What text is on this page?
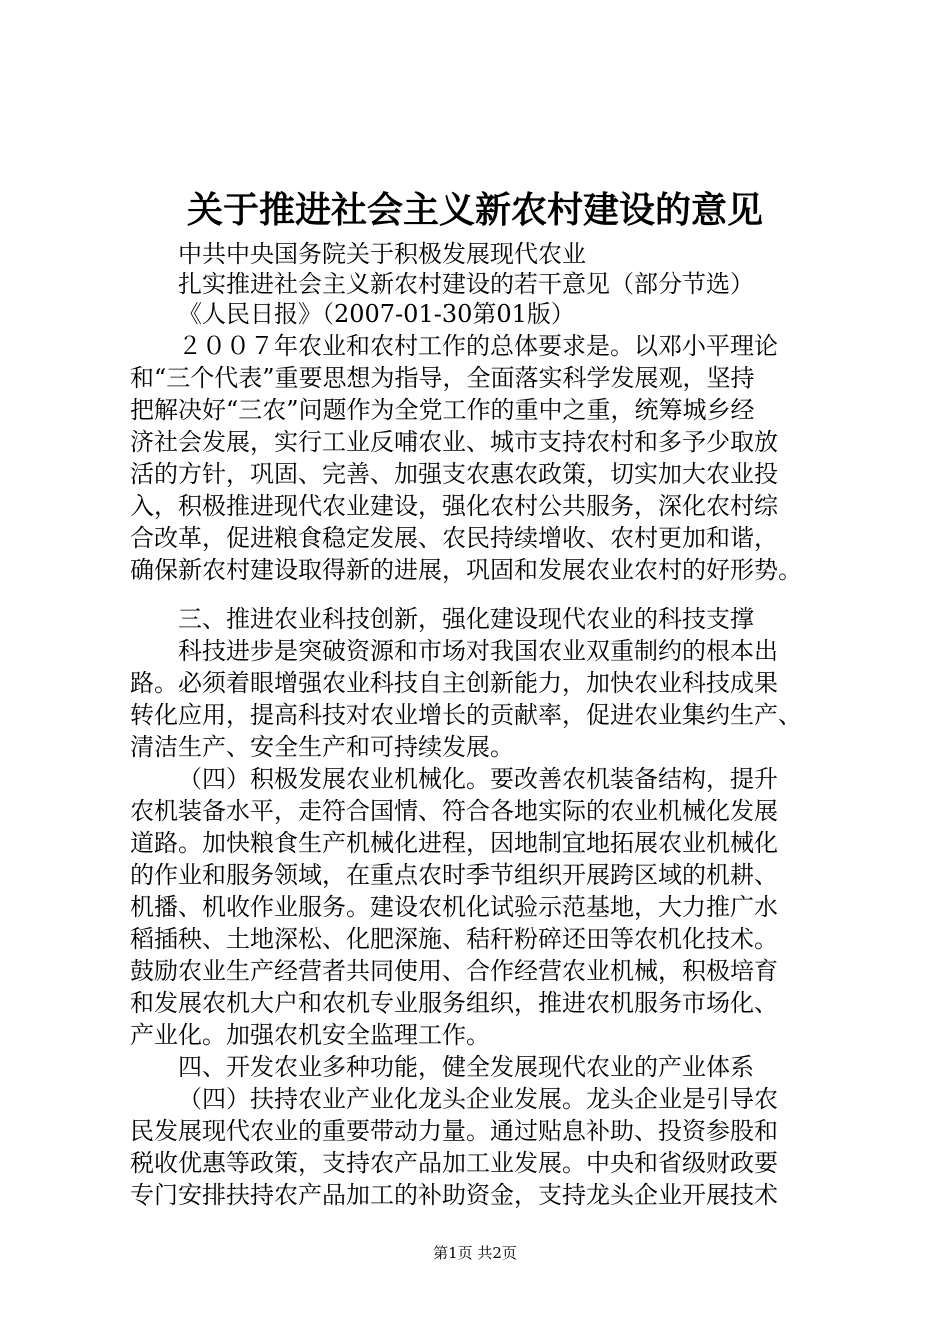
关于推进社会主义新农村建设的意见
中共中央国务院关于积极发展现代农业
扎实推进社会主义新农村建设的若干意见（部分节选）
《人民日报》（2007-01-30第01版）
２００７年农业和农村工作的总体要求是。以邓小平理论
和“三个代表”重要思想为指导，全面落实科学发展观，坚持
把解决好“三农”问题作为全党工作的重中之重，统筹城乡经
济社会发展，实行工业反哺农业、城市支持农村和多予少取放
活的方针，巩固、完善、加强支农惠农政策，切实加大农业投
入，积极推进现代农业建设，强化农村公共服务，深化农村综
合改革，促进粮食稳定发展、农民持续增收、农村更加和谐，
确保新农村建设取得新的进展，巩固和发展农业农村的好形势。
三、推进农业科技创新，强化建设现代农业的科技支撑
科技进步是突破资源和市场对我国农业双重制约的根本出
路。必须着眼增强农业科技自主创新能力，加快农业科技成果
转化应用，提高科技对农业增长的贡献率，促进农业集约生产、
清洁生产、安全生产和可持续发展。
（四）积极发展农业机械化。要改善农机装备结构，提升
农机装备水平，走符合国情、符合各地实际的农业机械化发展
道路。加快粮食生产机械化进程，因地制宜地拓展农业机械化
的作业和服务领域，在重点农时季节组织开展跨区域的机耕、
机播、机收作业服务。建设农机化试验示范基地，大力推广水
稻插秧、土地深松、化肥深施、秸秆粉碎还田等农机化技术。
鼓励农业生产经营者共同使用、合作经营农业机械，积极培育
和发展农机大户和农机专业服务组织，推进农机服务市场化、
产业化。加强农机安全监理工作。
四、开发农业多种功能，健全发展现代农业的产业体系
（四）扶持农业产业化龙头企业发展。龙头企业是引导农
民发展现代农业的重要带动力量。通过贴息补助、投资参股和
税收优惠等政策，支持农产品加工业发展。中央和省级财政要
专门安排扶持农产品加工的补助资金，支持龙头企业开展技术
第1页 共2页
